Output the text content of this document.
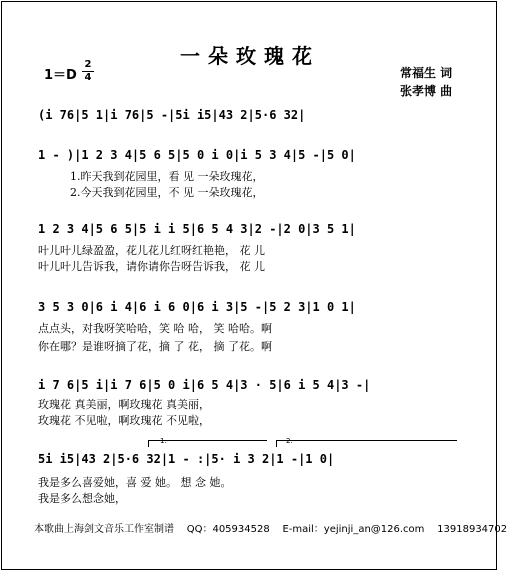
一朵玫瑰花
1＝D
2
4	常福生 词
张孝博 曲
(i 76|5 1|i 76|5 -|5i i5|43 2|5·6 32|
1 - )|1 2 3 4|5 6 5|5 0 i 0|i 5 3 4|5 -|5 0|
1.昨天我到花园里，看 见 一朵玫瑰花，
2.今天我到花园里，不 见 一朵玫瑰花，
1 2 3 4|5 6 5|5 i i 5|6 5 4 3|2 -|2 0|3 5 1|
叶儿叶儿绿盈盈，花儿花儿红呀红艳艳， 花 儿
叶儿叶儿告诉我，请你请你告呀告诉我， 花 儿
3 5 3 0|6 i 4|6 i 6 0|6 i 3|5 -|5 2 3|1 0 1|
点点头，对我呀笑哈哈，笑 哈 哈， 笑 哈哈。啊
你在哪？是谁呀摘了花，摘 了 花， 摘 了花。啊
i 7 6|5 i|i 7 6|5 0 i|6 5 4|3 · 5|6 i 5 4|3 -|
玫瑰花 真美丽，啊玫瑰花 真美丽，
玫瑰花 不见啦，啊玫瑰花 不见啦，
1.	2.
5i i5|43 2|5·6 32|1 - :|5· i 3 2|1 -|1 0|
我是多么喜爱她，喜 爱 她。 想 念 她。
我是多么想念她，
本歌曲上海剑文音乐工作室制谱 QQ：405934528 E-mail：yejinji_an@126.com 13918934702
